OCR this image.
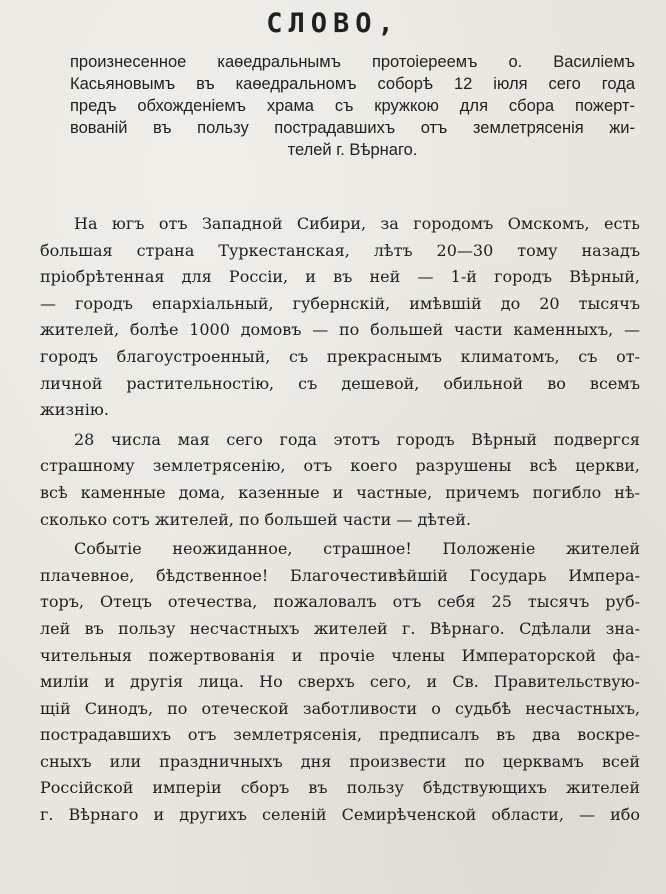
СЛОВО,
произнесенное каѳедральнымъ протоіереемъ о. Василіемъ
Касьяновымъ въ каѳедральномъ соборѣ 12 іюля сего года
предъ обхожденіемъ храма съ кружкою для сбора пожерт-
вованій въ пользу пострадавшихъ отъ землетрясенія жи-
телей г. Вѣрнаго.
На югъ отъ Западной Сибири, за городомъ Омскомъ, есть
большая страна Туркестанская, лѣтъ 20—30 тому назадъ
пріобрѣтенная для Россіи, и въ ней — 1-й городъ Вѣрный,
— городъ епархіальный, губернскій, имѣвшій до 20 тысячъ
жителей, болѣе 1000 домовъ — по большей части каменныхъ, —
городъ благоустроенный, съ прекраснымъ климатомъ, съ от-
личной растительностію, съ дешевой, обильной во всемъ
жизнію.
28 числа мая сего года этотъ городъ Вѣрный подвергся
страшному землетрясенію, отъ коего разрушены всѣ церкви,
всѣ каменные дома, казенные и частные, причемъ погибло нѣ-
сколько сотъ жителей, по большей части — дѣтей.
Событіе неожиданное, страшное! Положеніе жителей
плачевное, бѣдственное! Благочестивѣйшій Государь Импера-
торъ, Отецъ отечества, пожаловалъ отъ себя 25 тысячъ руб-
лей въ пользу несчастныхъ жителей г. Вѣрнаго. Сдѣлали зна-
чительныя пожертвованія и прочіе члены Императорской фа-
миліи и другія лица. Но сверхъ сего, и Св. Правительствую-
щій Синодъ, по отеческой заботливости о судьбѣ несчастныхъ,
пострадавшихъ отъ землетрясенія, предписалъ въ два воскре-
сныхъ или праздничныхъ дня произвести по церквамъ всей
Россійской имперіи сборъ въ пользу бѣдствующихъ жителей
г. Вѣрнаго и другихъ селеній Семирѣченской области, — ибо
